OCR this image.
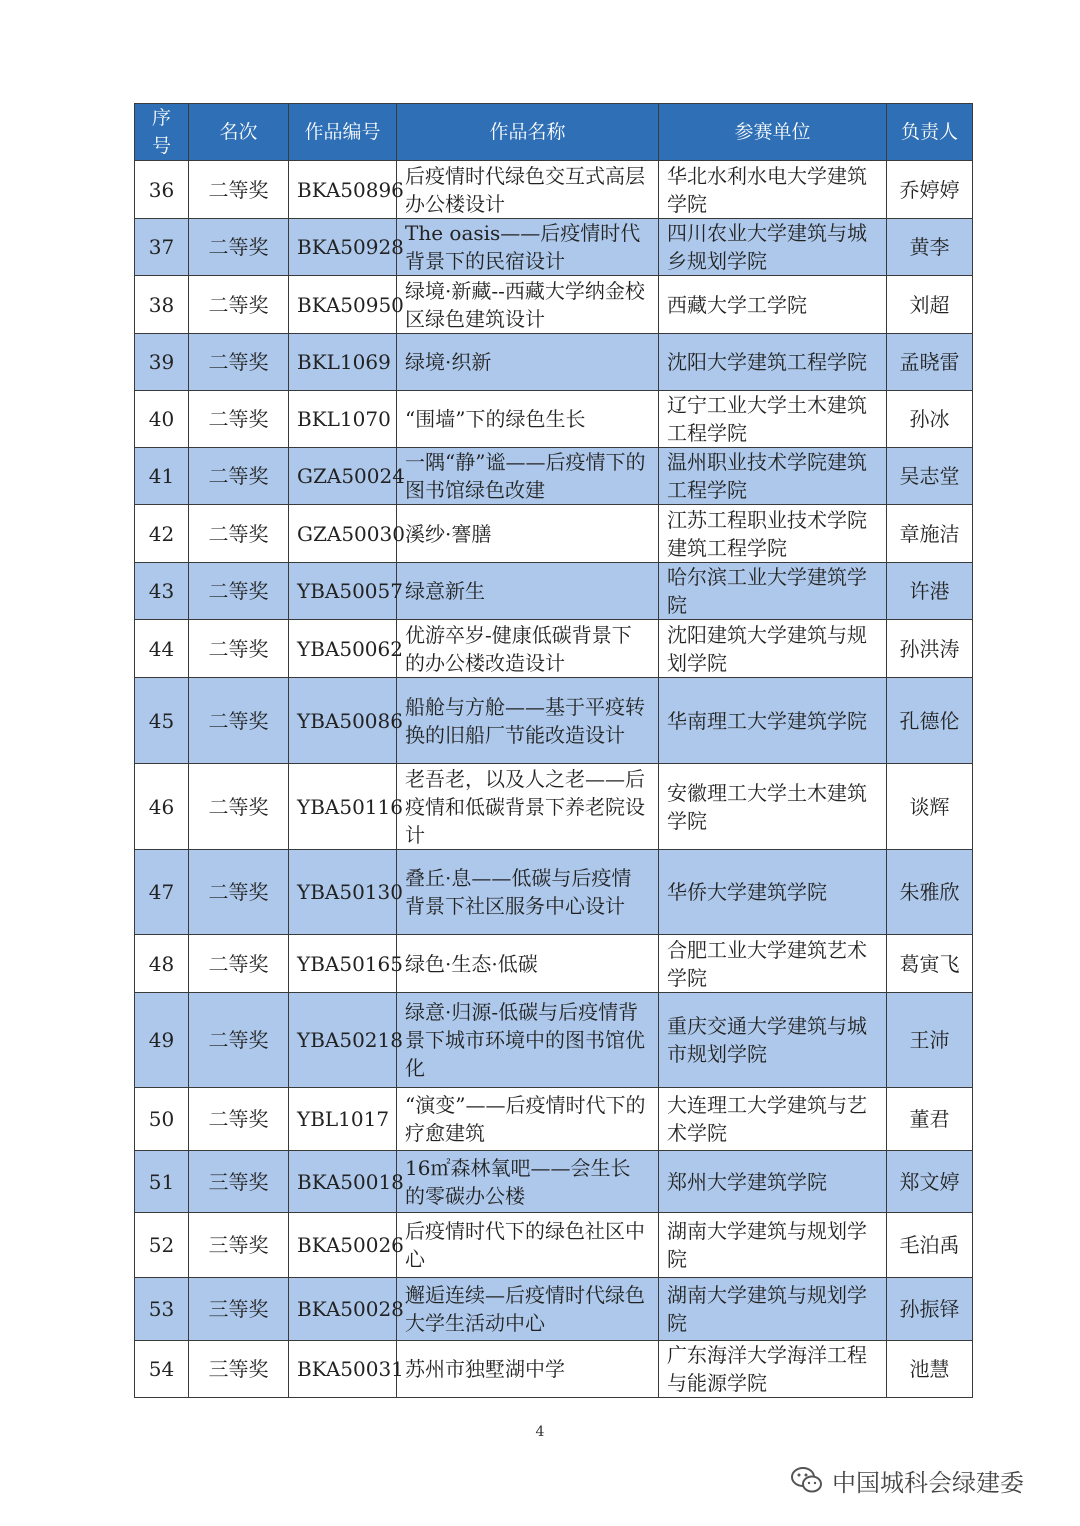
序号	名次	作品编号	作品名称	参赛单位	负责人
36	二等奖	BKA50896	后疫情时代绿色交互式高层办公楼设计	华北水利水电大学建筑学院	乔婷婷
37	二等奖	BKA50928	The oasis——后疫情时代背景下的民宿设计	四川农业大学建筑与城乡规划学院	黄李
38	二等奖	BKA50950	绿境·新藏--西藏大学纳金校区绿色建筑设计	西藏大学工学院	刘超
39	二等奖	BKL1069	绿境·织新	沈阳大学建筑工程学院	孟晓雷
40	二等奖	BKL1070	“围墙”下的绿色生长	辽宁工业大学土木建筑工程学院	孙冰
41	二等奖	GZA50024	一隅“静”谧——后疫情下的图书馆绿色改建	温州职业技术学院建筑工程学院	吴志堂
42	二等奖	GZA50030	溪纱·謇膳	江苏工程职业技术学院建筑工程学院	章施洁
43	二等奖	YBA50057	绿意新生	哈尔滨工业大学建筑学院	许港
44	二等奖	YBA50062	优游卒岁-健康低碳背景下的办公楼改造设计	沈阳建筑大学建筑与规划学院	孙洪涛
45	二等奖	YBA50086	船舱与方舱——基于平疫转换的旧船厂节能改造设计	华南理工大学建筑学院	孔德伦
46	二等奖	YBA50116	老吾老，以及人之老——后疫情和低碳背景下养老院设计	安徽理工大学土木建筑学院	谈辉
47	二等奖	YBA50130	叠丘·息——低碳与后疫情背景下社区服务中心设计	华侨大学建筑学院	朱雅欣
48	二等奖	YBA50165	绿色·生态·低碳	合肥工业大学建筑艺术学院	葛寅飞
49	二等奖	YBA50218	绿意·归源-低碳与后疫情背景下城市环境中的图书馆优化	重庆交通大学建筑与城市规划学院	王沛
50	二等奖	YBL1017	“演变”——后疫情时代下的疗愈建筑	大连理工大学建筑与艺术学院	董君
51	三等奖	BKA50018	16㎡森林氧吧——会生长的零碳办公楼	郑州大学建筑学院	郑文婷
52	三等奖	BKA50026	后疫情时代下的绿色社区中心	湖南大学建筑与规划学院	毛泊禹
53	三等奖	BKA50028	邂逅连续—后疫情时代绿色大学生活动中心	湖南大学建筑与规划学院	孙振铎
54	三等奖	BKA50031	苏州市独墅湖中学	广东海洋大学海洋工程与能源学院	池慧
4
中国城科会绿建委
